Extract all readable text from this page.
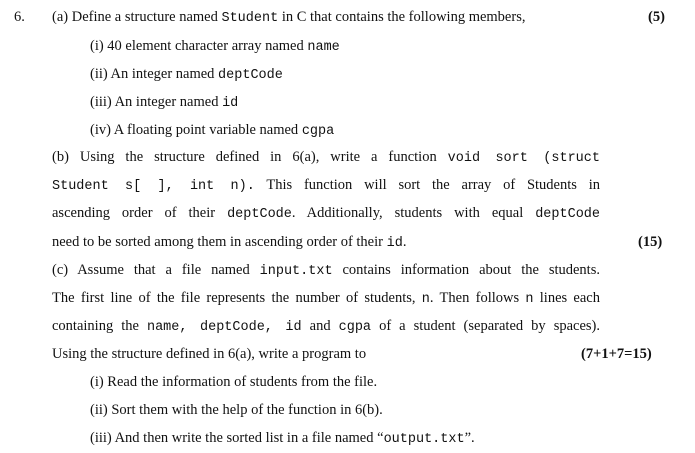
6. (a) Define a structure named Student in C that contains the following members,	(5)
(i) 40 element character array named name
(ii) An integer named deptCode
(iii) An integer named id
(iv) A floating point variable named cgpa
(b) Using the structure defined in 6(a), write a function void sort (struct
Student s[ ], int n). This function will sort the array of Students in
ascending order of their deptCode. Additionally, students with equal deptCode
need to be sorted among them in ascending order of their id.	(15)
(c) Assume that a file named input.txt contains information about the students.
The first line of the file represents the number of students, n. Then follows n lines each
containing the name, deptCode, id and cgpa of a student (separated by spaces).
Using the structure defined in 6(a), write a program to	(7+1+7=15)
(i) Read the information of students from the file.
(ii) Sort them with the help of the function in 6(b).
(iii) And then write the sorted list in a file named “output.txt”.
